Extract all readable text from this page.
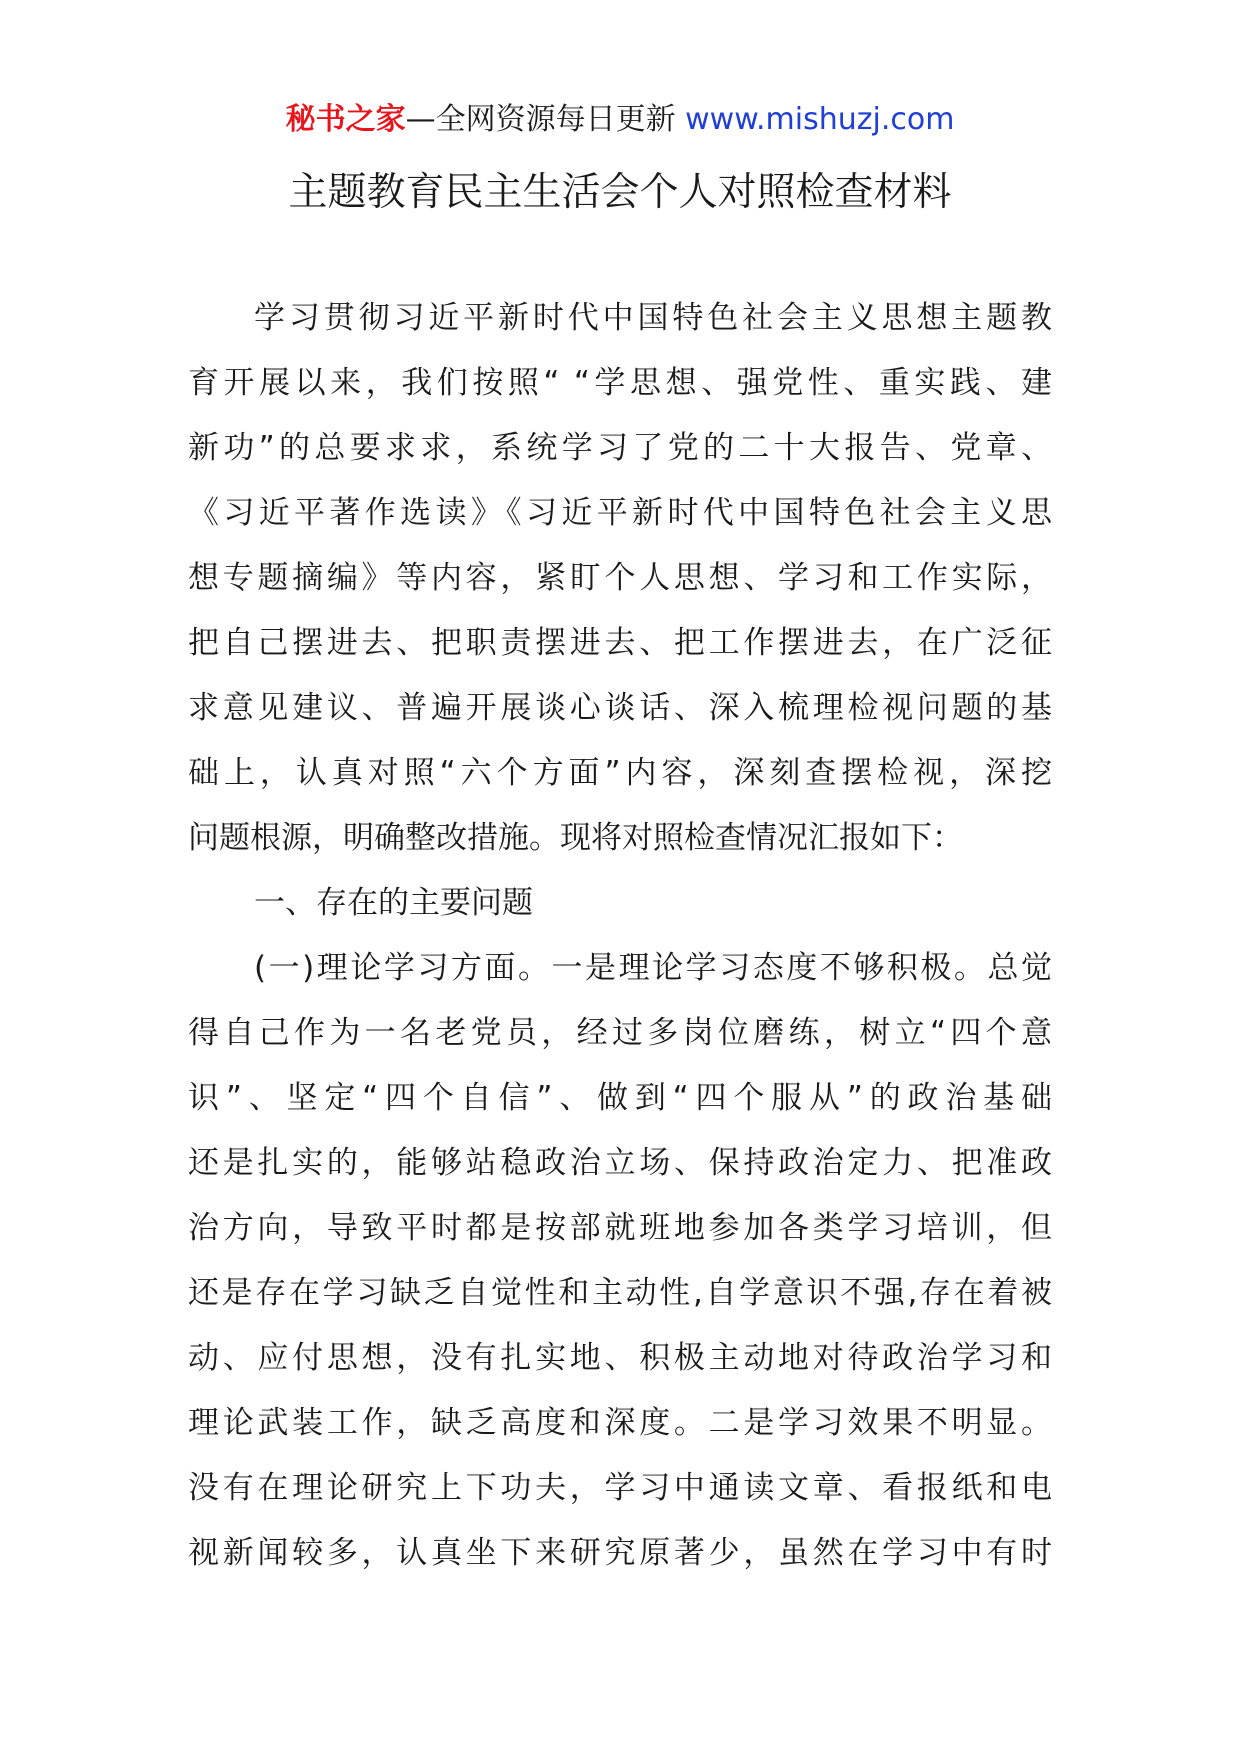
秘书之家—全网资源每日更新 www.mishuzj.com
主题教育民主生活会个人对照检查材料
学习贯彻习近平新时代中国特色社会主义思想主题教
育开展以来，我们按照“ “学思想、强党性、重实践、建
新功”的总要求求，系统学习了党的二十大报告、党章、
《习近平著作选读》《习近平新时代中国特色社会主义思
想专题摘编》等内容，紧盯个人思想、学习和工作实际，
把自己摆进去、把职责摆进去、把工作摆进去，在广泛征
求意见建议、普遍开展谈心谈话、深入梳理检视问题的基
础上，认真对照“六个方面”内容，深刻查摆检视，深挖
问题根源，明确整改措施。现将对照检查情况汇报如下：
一、存在的主要问题
(一)理论学习方面。一是理论学习态度不够积极。总觉
得自己作为一名老党员，经过多岗位磨练，树立“四个意
识”、坚定“四个自信”、做到“四个服从”的政治基础
还是扎实的，能够站稳政治立场、保持政治定力、把准政
治方向，导致平时都是按部就班地参加各类学习培训，但
还是存在学习缺乏自觉性和主动性,自学意识不强,存在着被
动、应付思想，没有扎实地、积极主动地对待政治学习和
理论武装工作，缺乏高度和深度。二是学习效果不明显。
没有在理论研究上下功夫，学习中通读文章、看报纸和电
视新闻较多，认真坐下来研究原著少，虽然在学习中有时
